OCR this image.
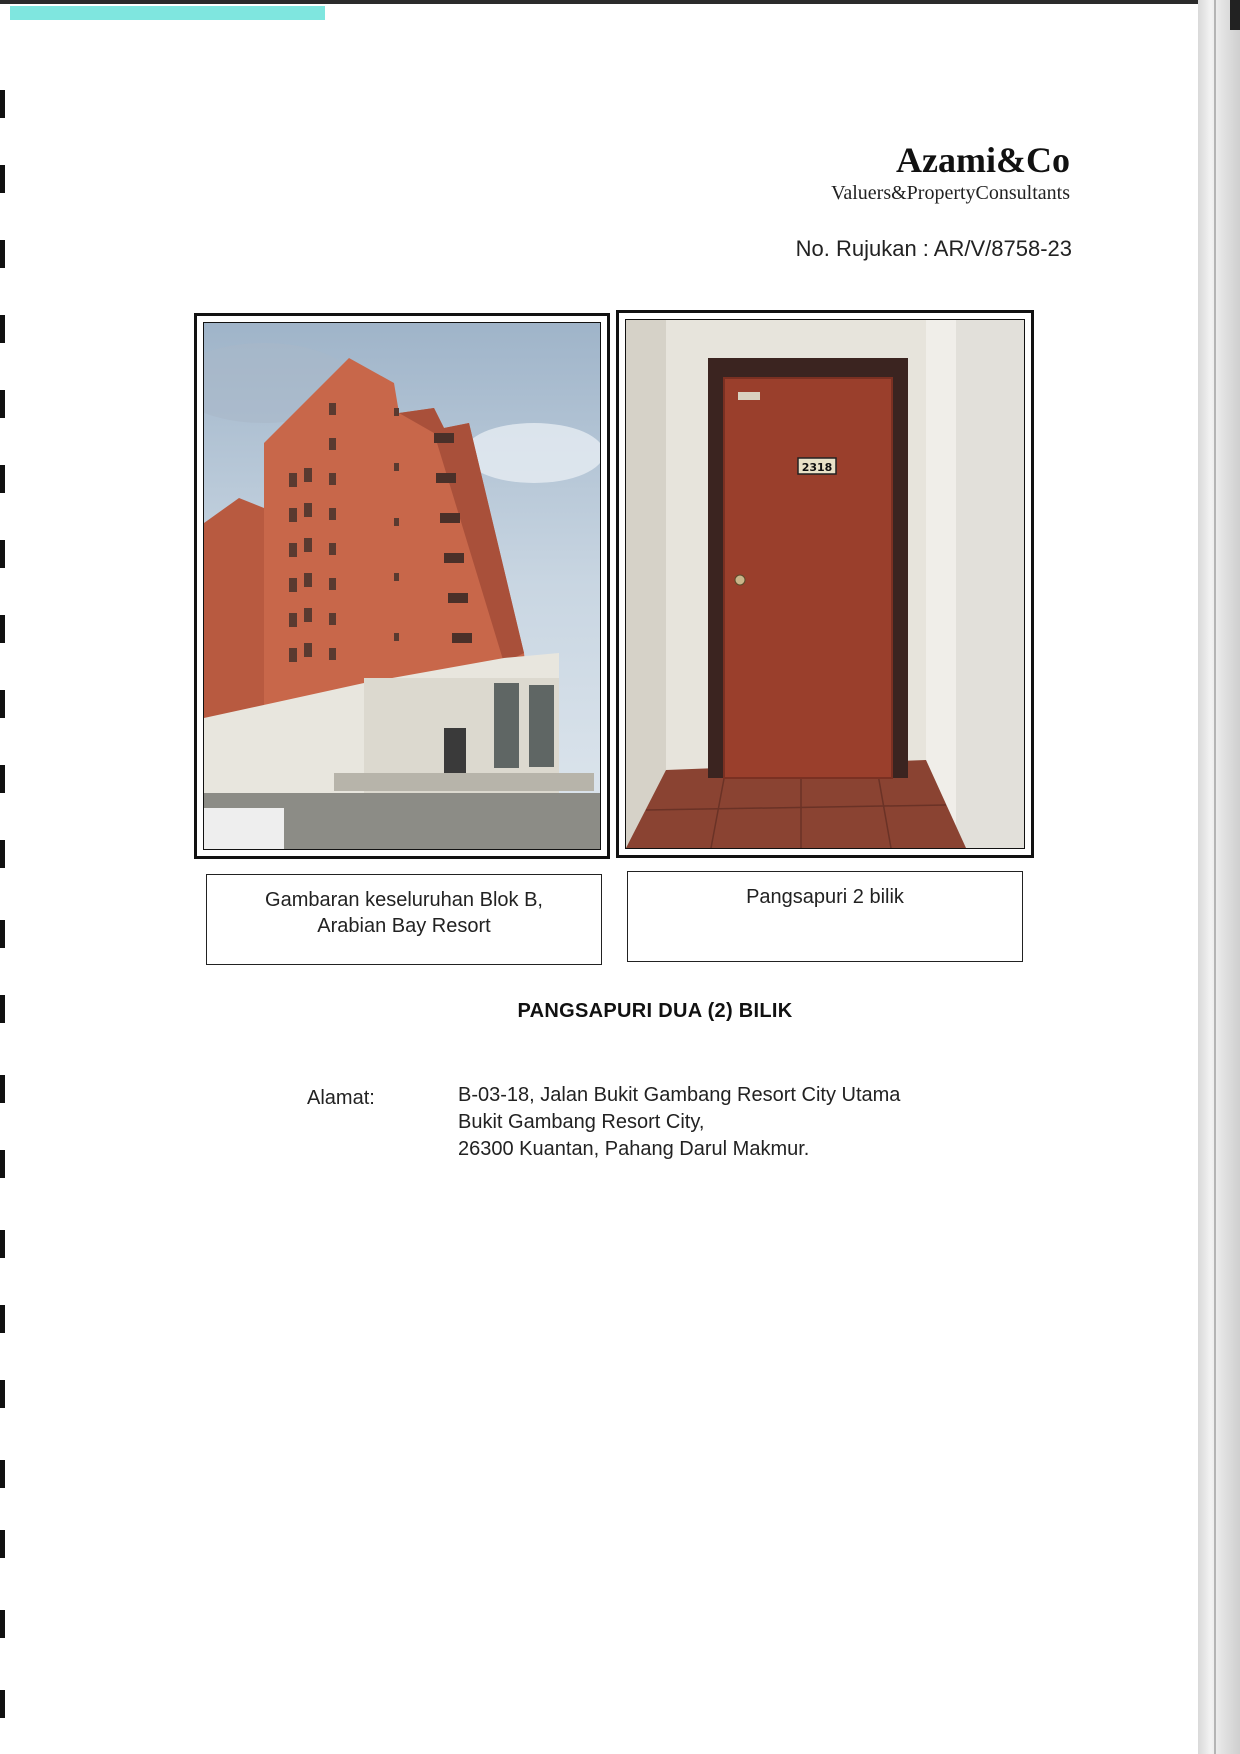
Azami&Co
Valuers&PropertyConsultants
No. Rujukan : AR/V/8758-23
2318
Gambaran keseluruhan Blok B,
Arabian Bay Resort
Pangsapuri 2 bilik
PANGSAPURI DUA (2) BILIK
Alamat:	B-03-18, Jalan Bukit Gambang Resort City Utama
Bukit Gambang Resort City,
26300 Kuantan, Pahang Darul Makmur.
